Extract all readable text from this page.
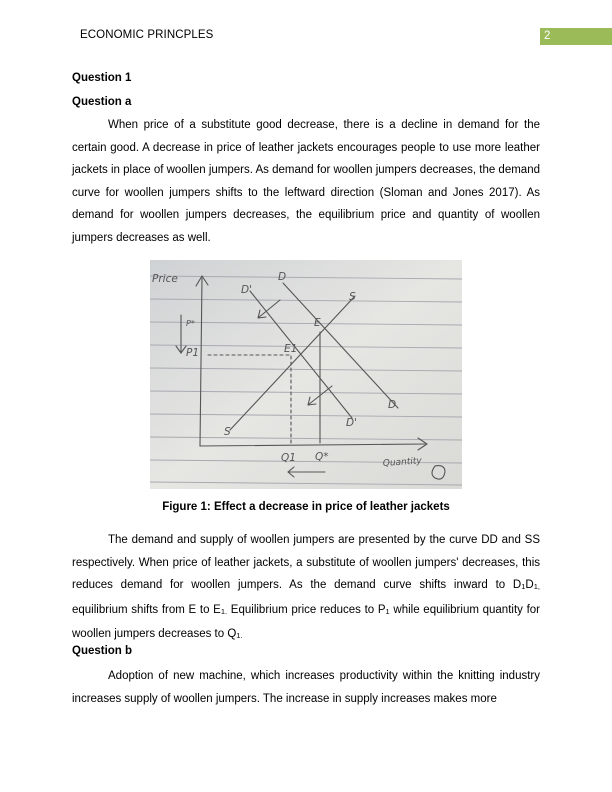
ECONOMIC PRINCPLES	2
Question 1
Question a

When price of a substitute good decrease, there is a decline in demand for the certain good. A decrease in price of leather jackets encourages people to use more leather jackets in place of woollen jumpers. As demand for woollen jumpers decreases, the demand curve for woollen jumpers shifts to the leftward direction (Sloman and Jones 2017). As demand for woollen jumpers decreases, the equilibrium price and quantity of woollen jumpers decreases as well.

Price
Quantity
D
D'
S
S
D
D'
E
E1
P*
P1
Q1 Q*
Figure 1: Effect a decrease in price of leather jackets

The demand and supply of woollen jumpers are presented by the curve DD and SS respectively. When price of leather jackets, a substitute of woollen jumpers' decreases, this reduces demand for woollen jumpers. As the demand curve shifts inward to $D_1D_{1,}$ equilibrium shifts from E to $E_{1.}$ Equilibrium price reduces to $P_1$ while equilibrium quantity for woollen jumpers decreases to $Q_{1.}$

Question b

Adoption of new machine, which increases productivity within the knitting industry increases supply of woollen jumpers. The increase in supply increases makes more
